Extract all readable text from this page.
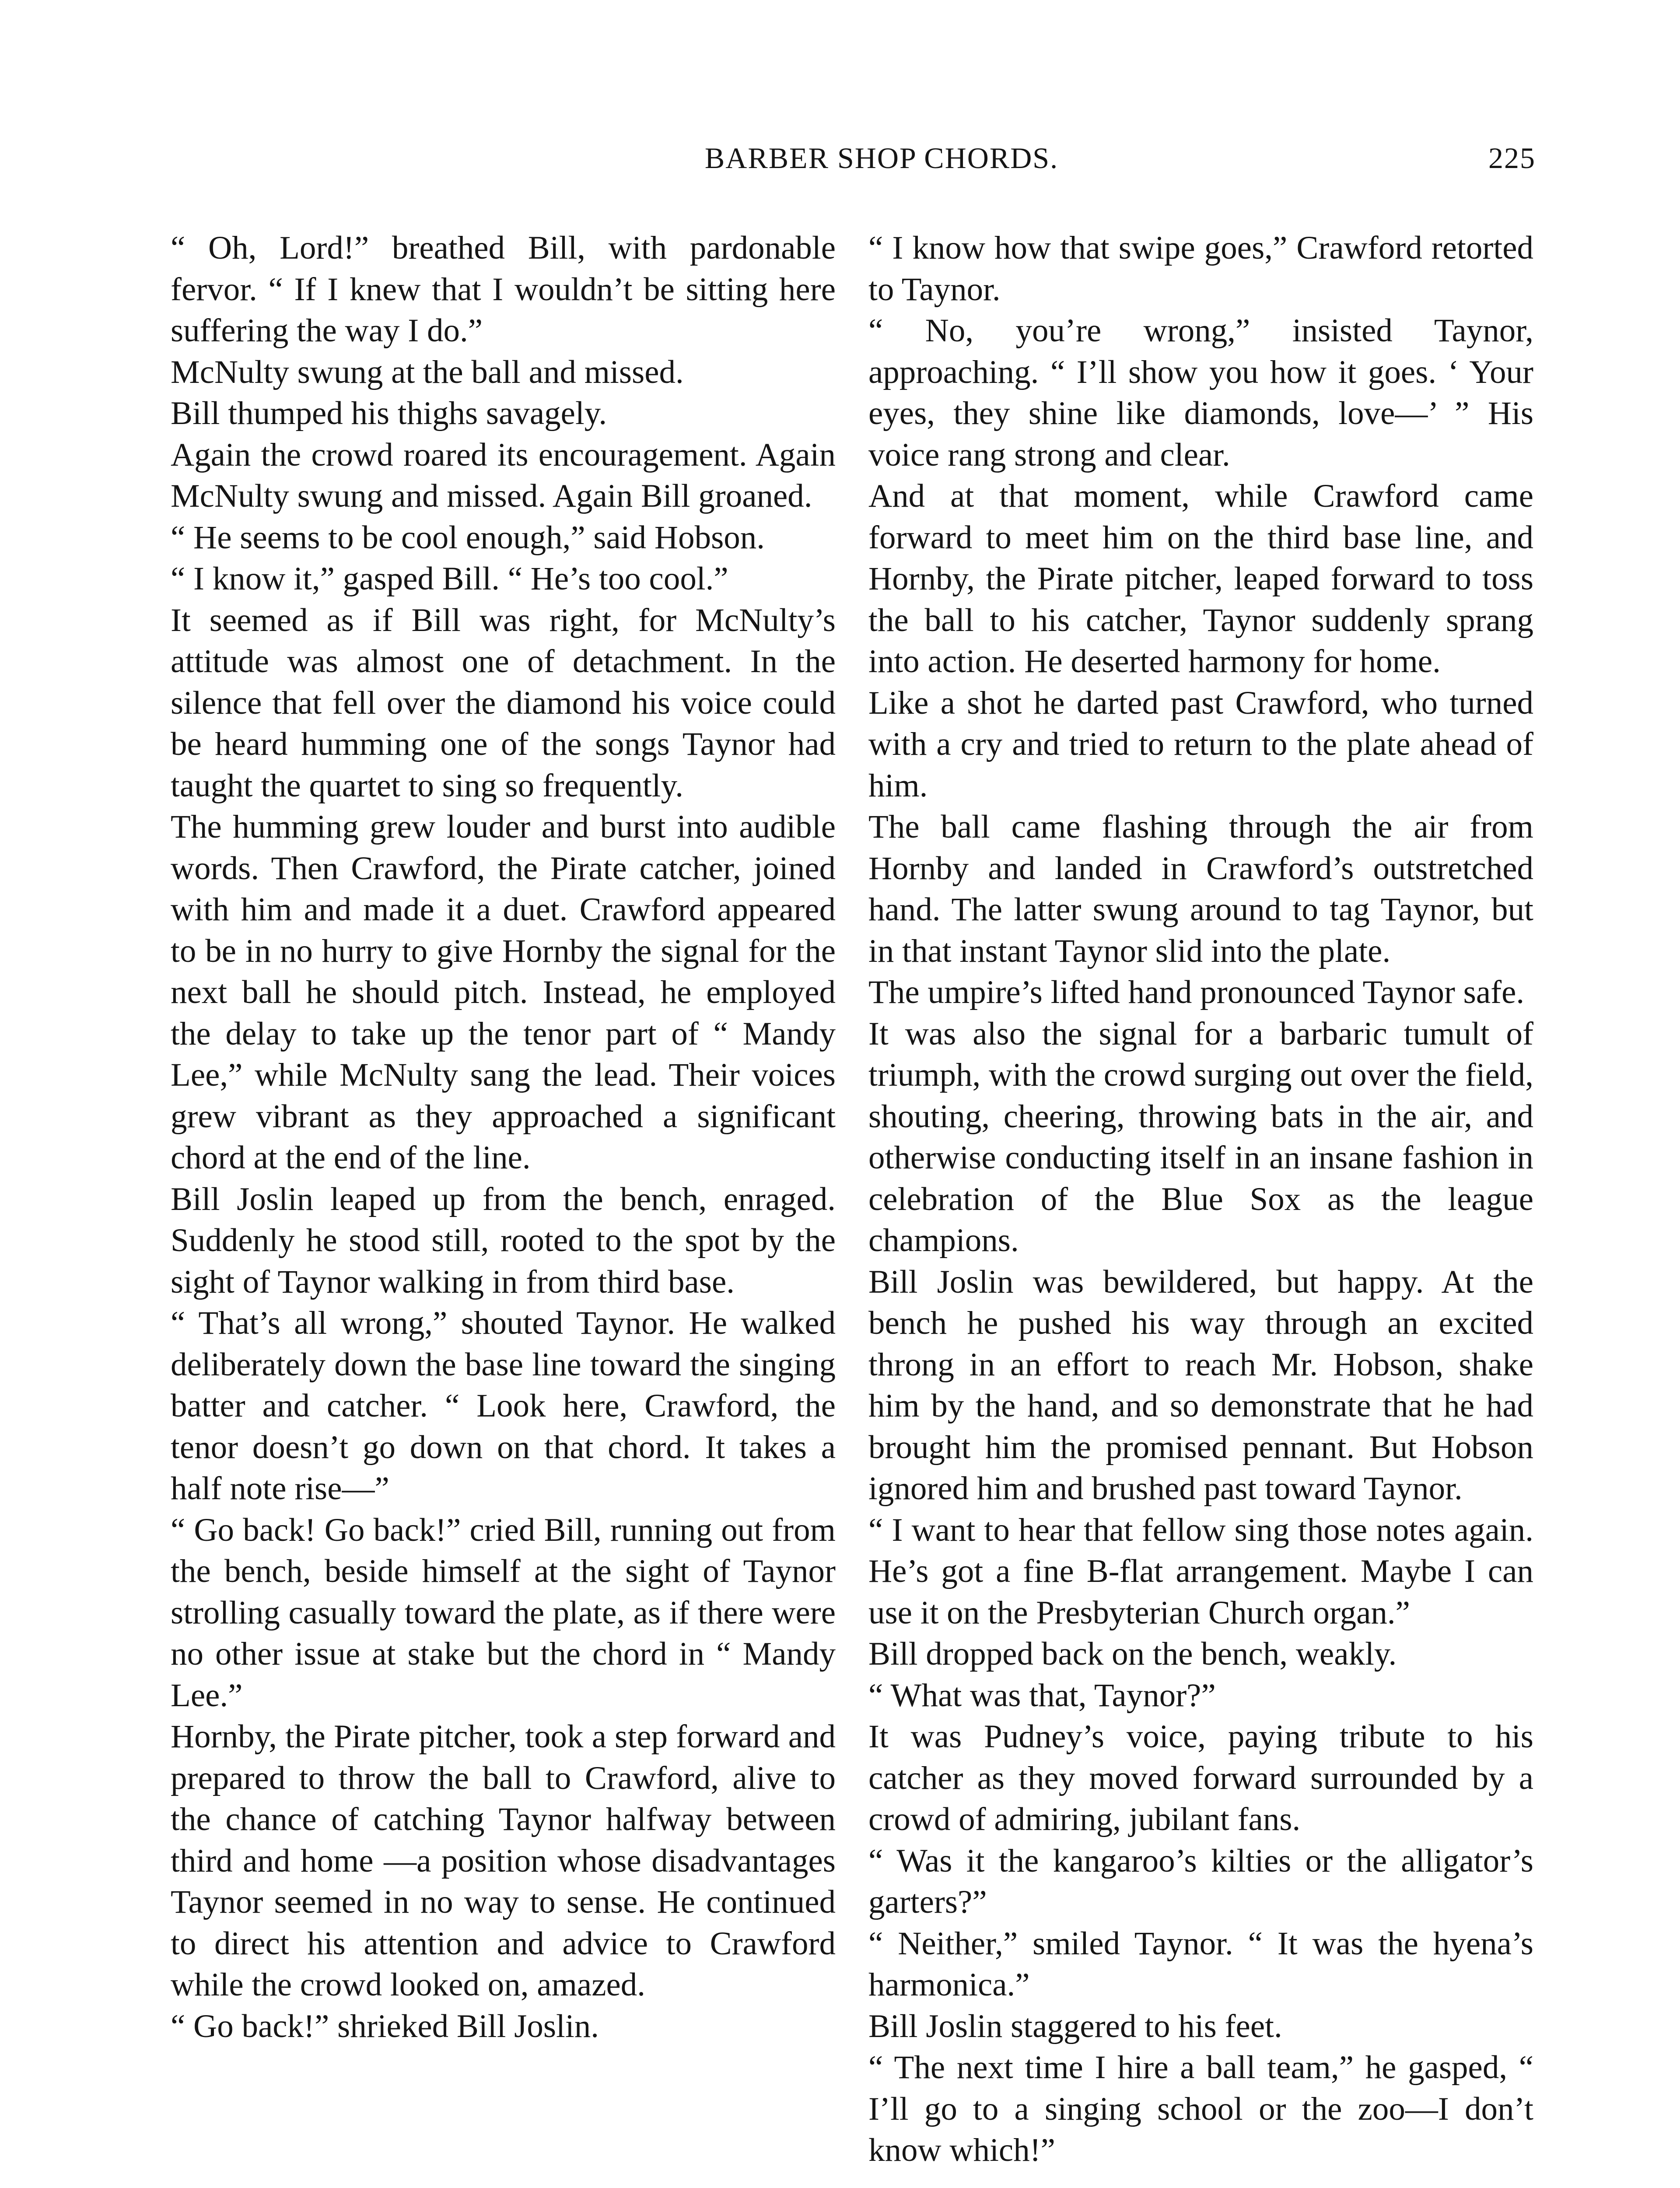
BARBER SHOP CHORDS.	225

“ Oh, Lord!” breathed Bill, with pardonable fervor. “ If I knew that I wouldn’t be sitting here suffering the way I do.”

McNulty swung at the ball and missed.

Bill thumped his thighs savagely.

Again the crowd roared its encouragement. Again McNulty swung and missed. Again Bill groaned.

“ He seems to be cool enough,” said Hobson.

“ I know it,” gasped Bill. “ He’s too cool.”

It seemed as if Bill was right, for McNulty’s attitude was almost one of detachment. In the silence that fell over the diamond his voice could be heard humming one of the songs Taynor had taught the quartet to sing so frequently.

The humming grew louder and burst into audible words. Then Crawford, the Pirate catcher, joined with him and made it a duet. Crawford appeared to be in no hurry to give Hornby the signal for the next ball he should pitch. Instead, he employed the delay to take up the tenor part of “ Mandy Lee,” while McNulty sang the lead. Their voices grew vibrant as they approached a significant chord at the end of the line.

Bill Joslin leaped up from the bench, enraged. Suddenly he stood still, rooted to the spot by the sight of Taynor walking in from third base.

“ That’s all wrong,” shouted Taynor. He walked deliberately down the base line toward the singing batter and catcher. “ Look here, Crawford, the tenor doesn’t go down on that chord. It takes a half note rise—”

“ Go back! Go back!” cried Bill, running out from the bench, beside himself at the sight of Taynor strolling casually toward the plate, as if there were no other issue at stake but the chord in “ Mandy Lee.”

Hornby, the Pirate pitcher, took a step forward and prepared to throw the ball to Crawford, alive to the chance of catching Taynor halfway between third and home —a position whose disadvantages Taynor seemed in no way to sense. He continued to direct his attention and advice to Crawford while the crowd looked on, amazed.

“ Go back!” shrieked Bill Joslin.

“ I know how that swipe goes,” Crawford retorted to Taynor.

“ No, you’re wrong,” insisted Taynor, approaching. “ I’ll show you how it goes. ‘ Your eyes, they shine like diamonds, love—’ ” His voice rang strong and clear.

And at that moment, while Crawford came forward to meet him on the third base line, and Hornby, the Pirate pitcher, leaped forward to toss the ball to his catcher, Taynor suddenly sprang into action. He deserted harmony for home.

Like a shot he darted past Crawford, who turned with a cry and tried to return to the plate ahead of him.

The ball came flashing through the air from Hornby and landed in Crawford’s outstretched hand. The latter swung around to tag Taynor, but in that instant Taynor slid into the plate.

The umpire’s lifted hand pronounced Taynor safe.

It was also the signal for a barbaric tumult of triumph, with the crowd surging out over the field, shouting, cheering, throwing bats in the air, and otherwise conducting itself in an insane fashion in celebration of the Blue Sox as the league champions.

Bill Joslin was bewildered, but happy. At the bench he pushed his way through an excited throng in an effort to reach Mr. Hobson, shake him by the hand, and so demonstrate that he had brought him the promised pennant. But Hobson ignored him and brushed past toward Taynor.

“ I want to hear that fellow sing those notes again. He’s got a fine B-flat arrangement. Maybe I can use it on the Presbyterian Church organ.”

Bill dropped back on the bench, weakly.

“ What was that, Taynor?”

It was Pudney’s voice, paying tribute to his catcher as they moved forward surrounded by a crowd of admiring, jubilant fans.

“ Was it the kangaroo’s kilties or the alligator’s garters?”

“ Neither,” smiled Taynor. “ It was the hyena’s harmonica.”

Bill Joslin staggered to his feet.

“ The next time I hire a ball team,” he gasped, “ I’ll go to a singing school or the zoo—I don’t know which!”
